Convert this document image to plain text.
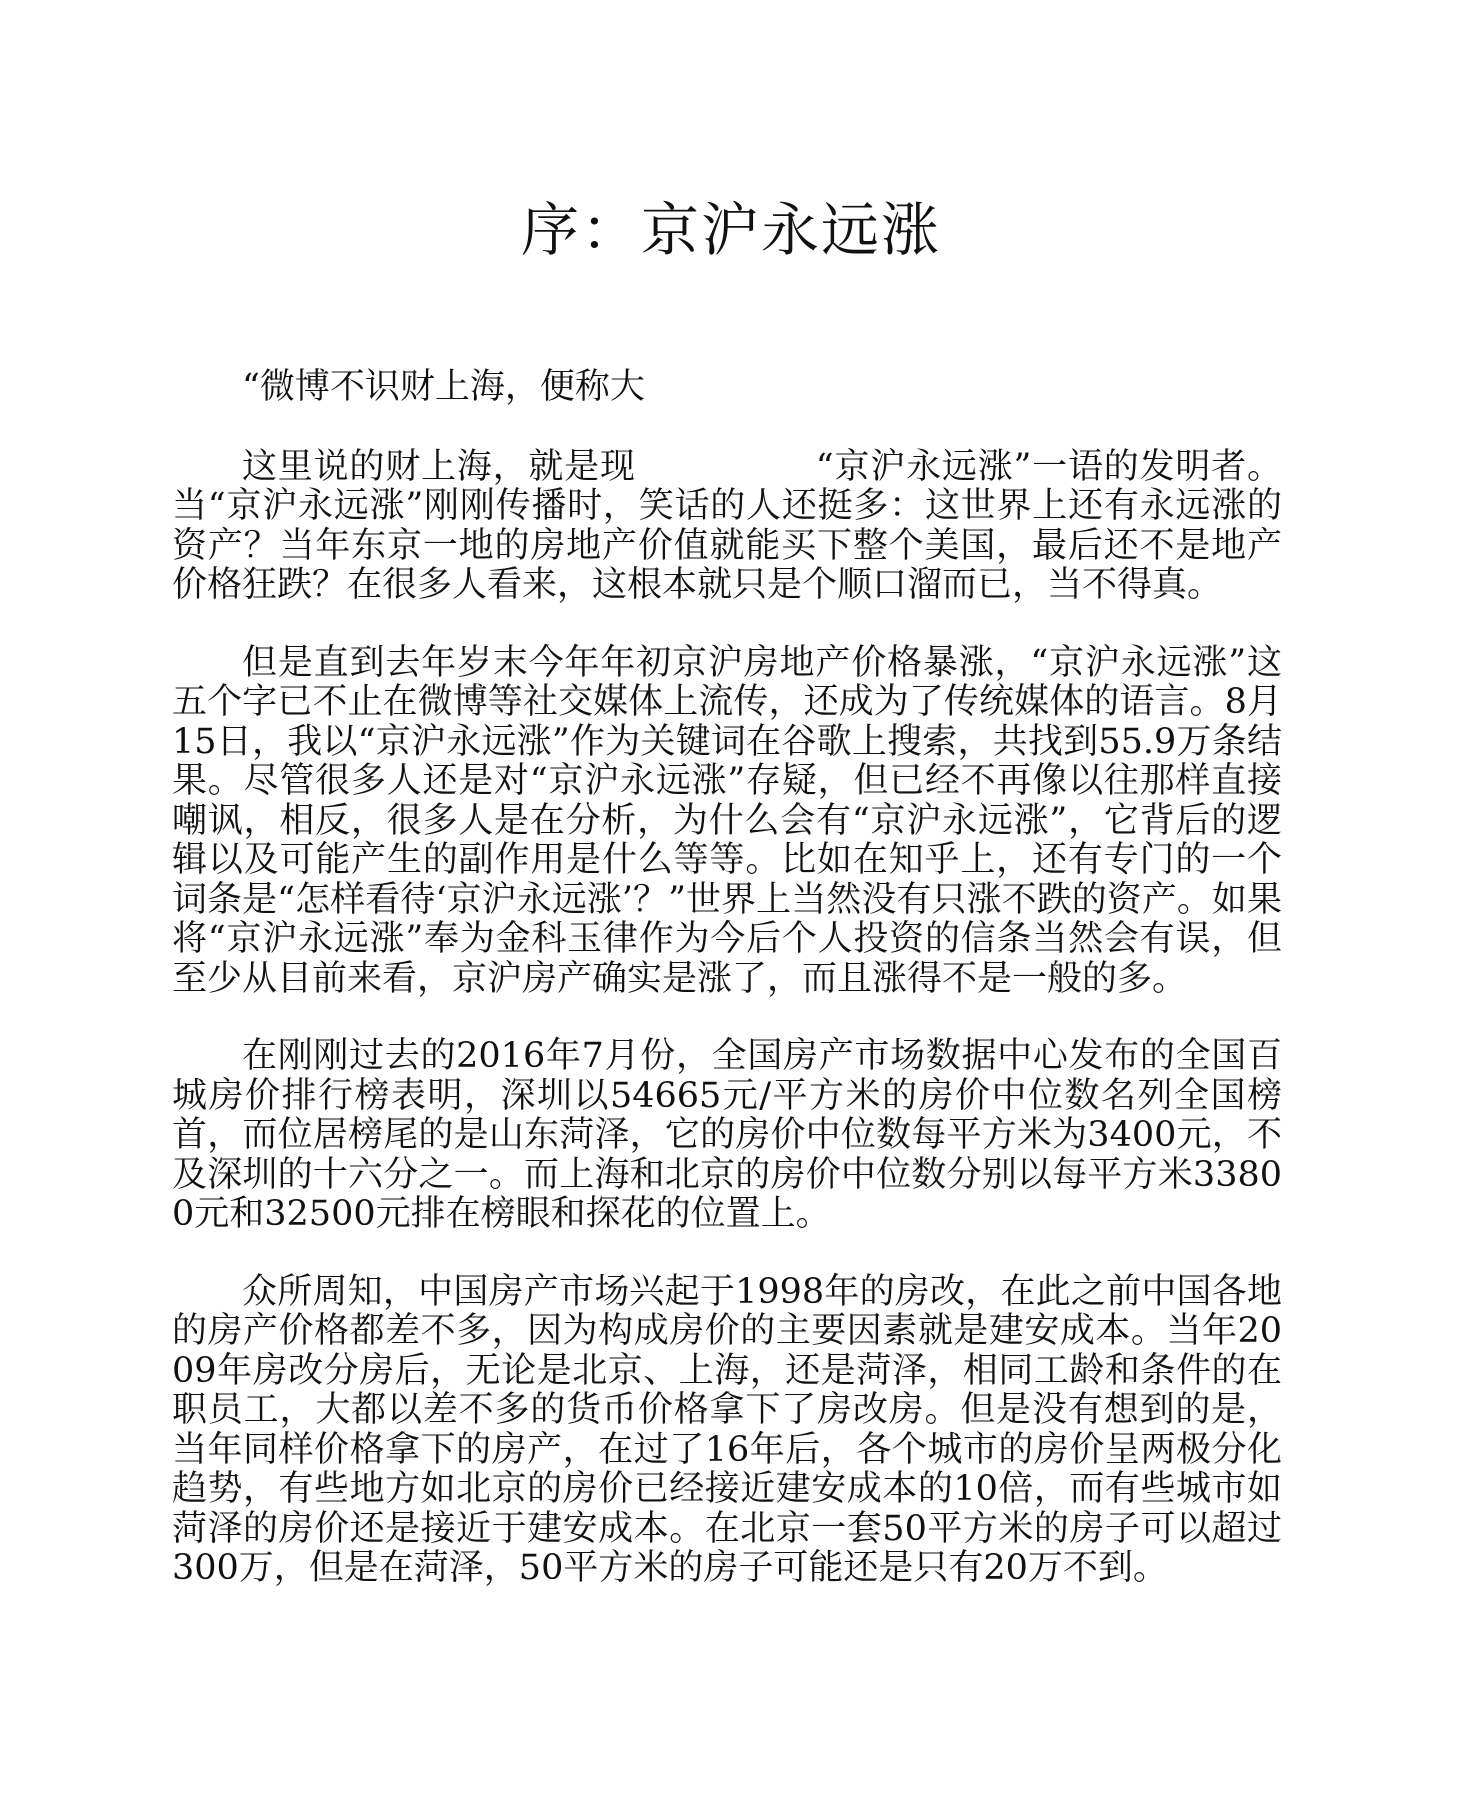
序：京沪永远涨

“微博不识财上海，便称大

这里说的财上海，就是现	“京沪永远涨”一语的发明者。当“京沪永远涨”刚刚传播时，笑话的人还挺多：这世界上还有永远涨的资产？当年东京一地的房地产价值就能买下整个美国，最后还不是地产价格狂跌？在很多人看来，这根本就只是个顺口溜而已，当不得真。

但是直到去年岁末今年年初京沪房地产价格暴涨，“京沪永远涨”这五个字已不止在微博等社交媒体上流传，还成为了传统媒体的语言。8月15日，我以“京沪永远涨”作为关键词在谷歌上搜索，共找到55.9万条结果。尽管很多人还是对“京沪永远涨”存疑，但已经不再像以往那样直接嘲讽，相反，很多人是在分析，为什么会有“京沪永远涨”，它背后的逻辑以及可能产生的副作用是什么等等。比如在知乎上，还有专门的一个词条是“怎样看待‘京沪永远涨’？”世界上当然没有只涨不跌的资产。如果将“京沪永远涨”奉为金科玉律作为今后个人投资的信条当然会有误，但至少从目前来看，京沪房产确实是涨了，而且涨得不是一般的多。

在刚刚过去的2016年7月份，全国房产市场数据中心发布的全国百城房价排行榜表明，深圳以54665元/平方米的房价中位数名列全国榜首，而位居榜尾的是山东菏泽，它的房价中位数每平方米为3400元，不及深圳的十六分之一。而上海和北京的房价中位数分别以每平方米33800元和32500元排在榜眼和探花的位置上。

众所周知，中国房产市场兴起于1998年的房改，在此之前中国各地的房产价格都差不多，因为构成房价的主要因素就是建安成本。当年2009年房改分房后，无论是北京、上海，还是菏泽，相同工龄和条件的在职员工，大都以差不多的货币价格拿下了房改房。但是没有想到的是，当年同样价格拿下的房产，在过了16年后，各个城市的房价呈两极分化趋势，有些地方如北京的房价已经接近建安成本的10倍，而有些城市如菏泽的房价还是接近于建安成本。在北京一套50平方米的房子可以超过300万，但是在菏泽，50平方米的房子可能还是只有20万不到。
